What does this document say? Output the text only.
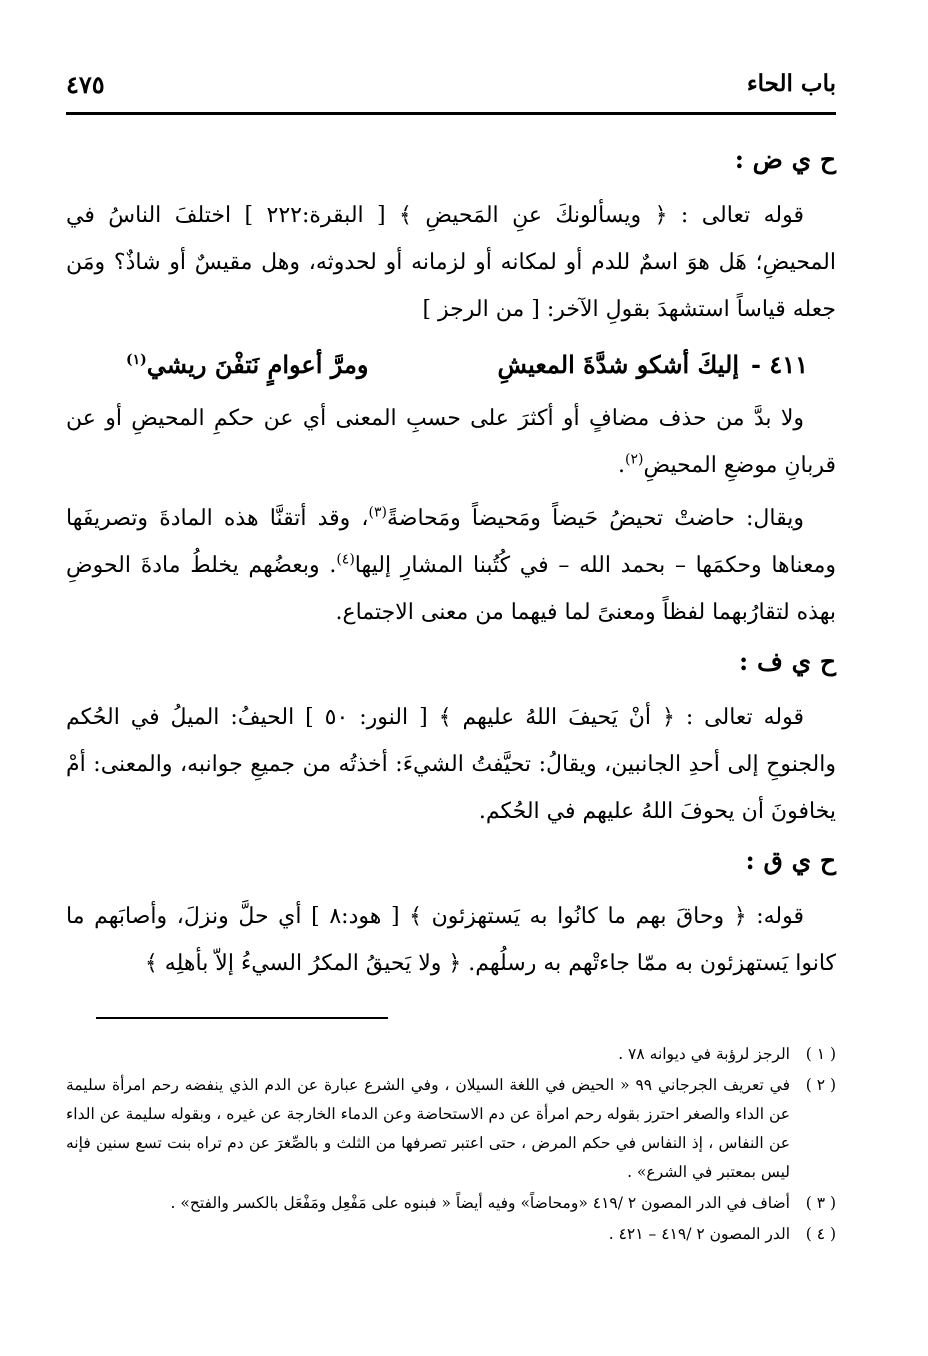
باب الحاء
٤٧٥
ح ي ض :

قوله تعالى : ﴿ ويسألونكَ عنِ المَحيضِ ﴾ [ البقرة:٢٢٢ ] اختلفَ الناسُ في المحيضِ؛ هَل هوَ اسمٌ للدم أو لمكانه أو لزمانه أو لحدوثه، وهل مقيسٌ أو شاذٌ؟ ومَن جعله قياساً استشهدَ بقولِ الآخر: [ من الرجز ]

٤١١ -إليكَ أشكو شدَّةَ المعيشِ
ومرَّ أعوامٍ نَتفْنَ ريشي$^{(١)}$

ولا بدَّ من حذف مضافٍ أو أكثرَ على حسبِ المعنى أي عن حكمِ المحيضِ أو عن قربانِ موضعِ المحيضِ$^{(٢)}$.

ويقال: حاضتْ تحيضُ حَيضاً ومَحيضاً ومَحاضةً$^{(٣)}$، وقد أتقنَّا هذه المادةَ وتصريفَها ومعناها وحكمَها – بحمد الله – في كُتُبنا المشارِ إليها$^{(٤)}$. وبعضُهم يخلطُ مادةَ الحوضِ بهذه لتقارُبهما لفظاً ومعنىً لما فيهما من معنى الاجتماع.

ح ي ف :

قوله تعالى : ﴿ أنْ يَحيفَ اللهُ عليهم ﴾ [ النور: ٥٠ ] الحيفُ: الميلُ في الحُكم والجنوحِ إلى أحدِ الجانبين، ويقالُ: تحيَّفتُ الشيءَ: أخذتُه من جميعِ جوانبه، والمعنى: أمْ يخافونَ أن يحوفَ اللهُ عليهم في الحُكم.

ح ي ق :

قوله: ﴿ وحاقَ بهم ما كانُوا به يَستهزئون ﴾ [ هود:٨ ] أي حلَّ ونزلَ، وأصابَهم ما كانوا يَستهزئون به ممّا جاءتْهم به رسلُهم. ﴿ ولا يَحيقُ المكرُ السيءُ إلاّ بأهلِه ﴾

( ١ )
الرجز لرؤبة في ديوانه ٧٨ .
( ٢ )
في تعريف الجرجاني ٩٩ « الحيض في اللغة السيلان ، وفي الشرع عبارة عن الدم الذي ينفضه رحم امرأة سليمة عن الداء والصغر احترز بقوله رحم امرأة عن دم الاستحاضة وعن الدماء الخارجة عن غيره ، وبقوله سليمة عن الداء عن النفاس ، إذ النفاس في حكم المرض ، حتى اعتبر تصرفها من الثلث و بالصِّغرَ عن دم تراه بنت تسع سنين فإنه ليس بمعتبر في الشرع» .
( ٣ )
أضاف في الدر المصون ٢ /٤١٩ «ومحاضاً» وفيه أيضاً « فبنوه على مَفْعِل ومَفْعَل بالكسر والفتح» .
( ٤ )
الدر المصون ٢ /٤١٩ – ٤٢١ .
